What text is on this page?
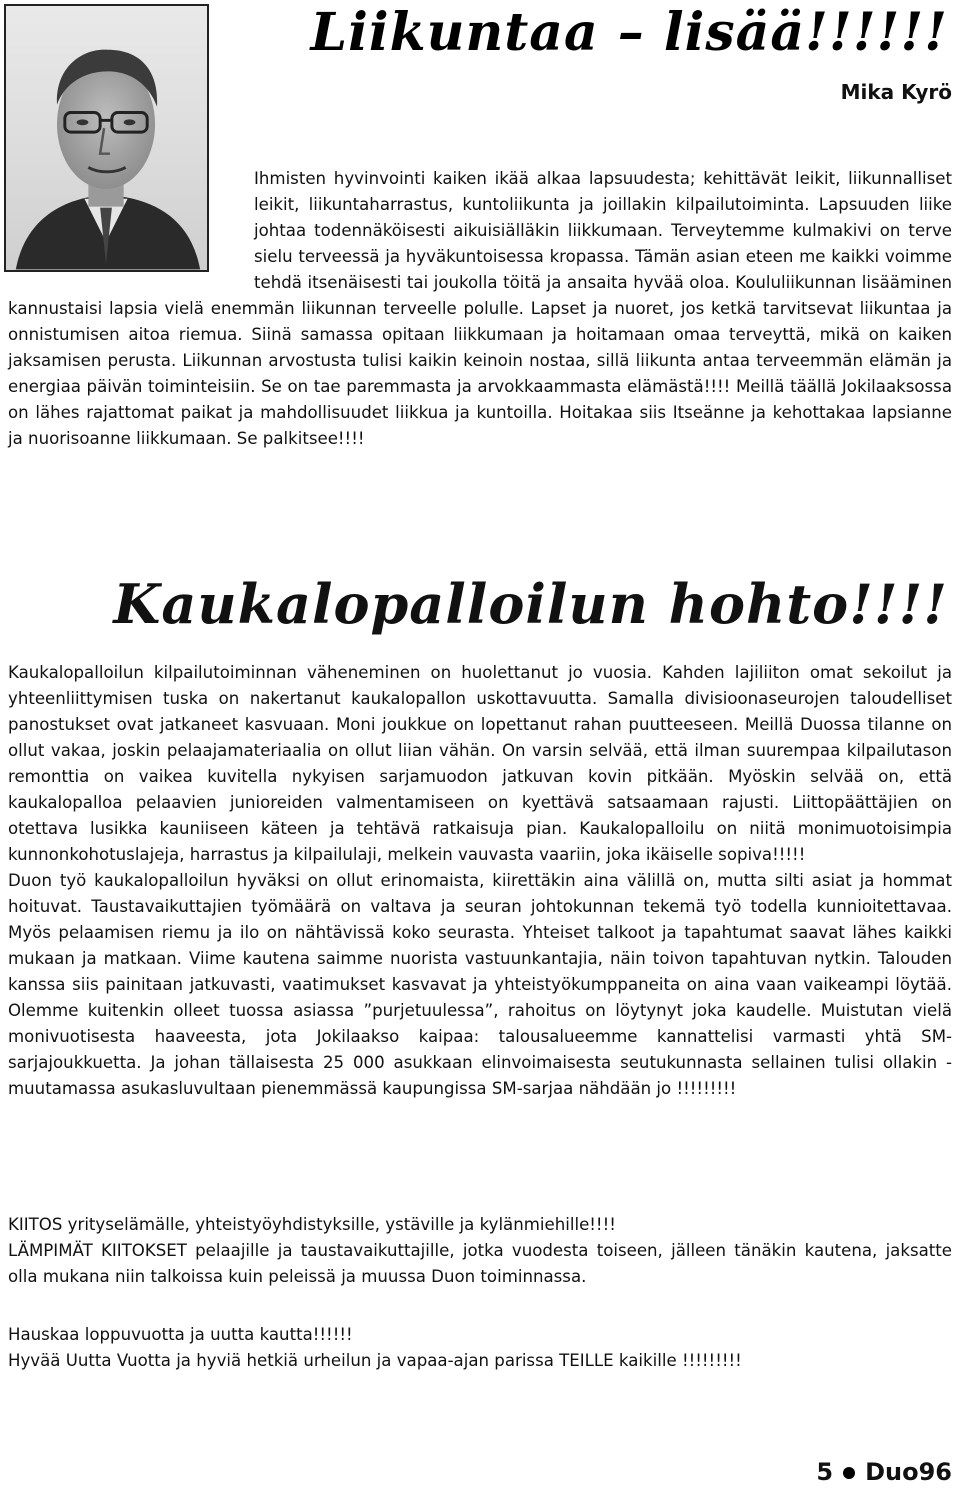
Liikuntaa – lisää!!!!!!

Mika Kyrö

Ihmisten hyvinvointi kaiken ikää alkaa lapsuudesta; kehittävät leikit, liikunnalliset leikit, liikuntaharrastus, kuntoliikunta ja joillakin kilpailutoiminta. Lapsuuden liike johtaa todennäköisesti aikuisiälläkin liikkumaan. Terveytemme kulmakivi on terve sielu terveessä ja hyväkuntoisessa kropassa. Tämän asian eteen me kaikki voimme tehdä itsenäisesti tai joukolla töitä ja ansaita hyvää oloa. Koululiikunnan lisääminen kannustaisi lapsia vielä enemmän liikunnan terveelle polulle. Lapset ja nuoret, jos ketkä tarvitsevat liikuntaa ja onnistumisen aitoa riemua. Siinä samassa opitaan liikkumaan ja hoitamaan omaa terveyttä, mikä on kaiken jaksamisen perusta. Liikunnan arvostusta tulisi kaikin keinoin nostaa, sillä liikunta antaa terveemmän elämän ja energiaa päivän toiminteisiin. Se on tae paremmasta ja arvokkaammasta elämästä!!!! Meillä täällä Jokilaaksossa on lähes rajattomat paikat ja mahdollisuudet liikkua ja kuntoilla. Hoitakaa siis Itseänne ja kehottakaa lapsianne ja nuorisoanne liikkumaan. Se palkitsee!!!!
Kaukalopalloilun hohto!!!!
Kaukalopalloilun kilpailutoiminnan väheneminen on huolettanut jo vuosia. Kahden lajiliiton omat sekoilut ja yhteenliittymisen tuska on nakertanut kaukalopallon uskottavuutta. Samalla divisioonaseurojen taloudelliset panostukset ovat jatkaneet kasvuaan. Moni joukkue on lopettanut rahan puutteeseen. Meillä Duossa tilanne on ollut vakaa, joskin pelaajamateriaalia on ollut liian vähän. On varsin selvää, että ilman suurempaa kilpailutason remonttia on vaikea kuvitella nykyisen sarjamuodon jatkuvan kovin pitkään. Myöskin selvää on, että kaukalopalloa pelaavien junioreiden valmentamiseen on kyettävä satsaamaan rajusti. Liittopäättäjien on otettava lusikka kauniiseen käteen ja tehtävä ratkaisuja pian. Kaukalopalloilu on niitä monimuotoisimpia kunnonkohotuslajeja, harrastus ja kilpailulaji, melkein vauvasta vaariin, joka ikäiselle sopiva!!!!!
Duon työ kaukalopalloilun hyväksi on ollut erinomaista, kiirettäkin aina välillä on, mutta silti asiat ja hommat hoituvat. Taustavaikuttajien työmäärä on valtava ja seuran johtokunnan tekemä työ todella kunnioitettavaa. Myös pelaamisen riemu ja ilo on nähtävissä koko seurasta. Yhteiset talkoot ja tapahtumat saavat lähes kaikki mukaan ja matkaan. Viime kautena saimme nuorista vastuunkantajia, näin toivon tapahtuvan nytkin. Talouden kanssa siis painitaan jatkuvasti, vaatimukset kasvavat ja yhteistyökumppaneita on aina vaan vaikeampi löytää. Olemme kuitenkin olleet tuossa asiassa ”purjetuulessa”, rahoitus on löytynyt joka kaudelle. Muistutan vielä monivuotisesta haaveesta, jota Jokilaakso kaipaa: talousalueemme kannattelisi varmasti yhtä SM-sarjajoukkuetta. Ja johan tällaisesta 25 000 asukkaan elinvoimaisesta seutukunnasta sellainen tulisi ollakin - muutamassa asukasluvultaan pienemmässä kaupungissa SM-sarjaa nähdään jo !!!!!!!!!
KIITOS yrityselämälle, yhteistyöyhdistyksille, ystäville ja kylänmiehille!!!!
LÄMPIMÄT KIITOKSET pelaajille ja taustavaikuttajille, jotka vuodesta toiseen, jälleen tänäkin kautena, jaksatte olla mukana niin talkoissa kuin peleissä ja muussa Duon toiminnassa.
Hauskaa loppuvuotta ja uutta kautta!!!!!!
Hyvää Uutta Vuotta ja hyviä hetkiä urheilun ja vapaa-ajan parissa TEILLE kaikille !!!!!!!!!

5 Duo96
